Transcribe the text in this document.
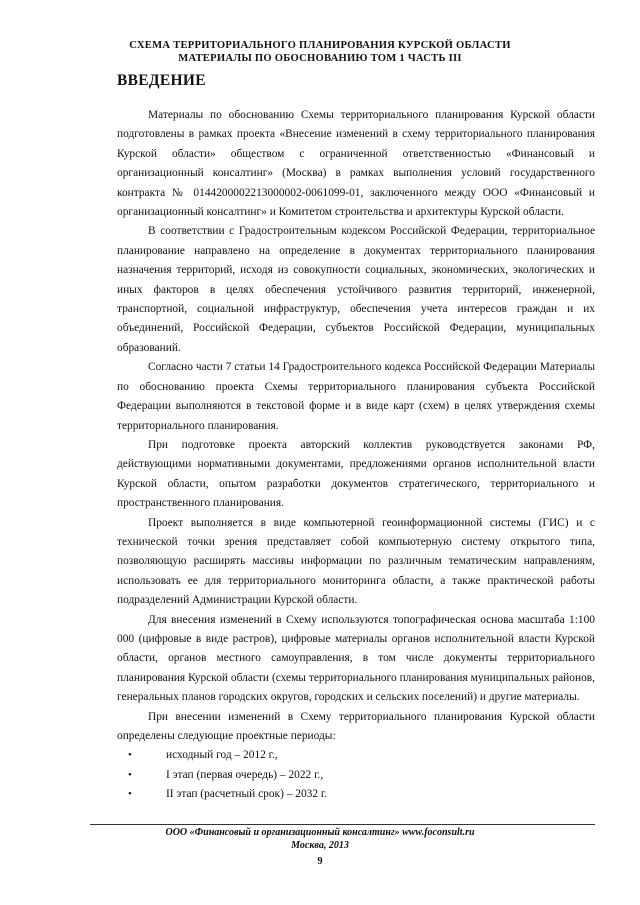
СХЕМА ТЕРРИТОРИАЛЬНОГО ПЛАНИРОВАНИЯ КУРСКОЙ ОБЛАСТИ
МАТЕРИАЛЫ ПО ОБОСНОВАНИЮ ТОМ 1 ЧАСТЬ III
ВВЕДЕНИЕ

Материалы по обоснованию Схемы территориального планирования Курской области подготовлены в рамках проекта «Внесение изменений в схему территориального планирования Курской области» обществом с ограниченной ответственностью «Финансовый и организационный консалтинг» (Москва) в рамках выполнения условий государственного контракта № 0144200002213000002-0061099-01, заключенного между ООО «Финансовый и организационный консалтинг» и Комитетом строительства и архитектуры Курской области.

В соответствии с Градостроительным кодексом Российской Федерации, территориальное планирование направлено на определение в документах территориального планирования назначения территорий, исходя из совокупности социальных, экономических, экологических и иных факторов в целях обеспечения устойчивого развития территорий, инженерной, транспортной, социальной инфраструктур, обеспечения учета интересов граждан и их объединений, Российской Федерации, субъектов Российской Федерации, муниципальных образований.

Согласно части 7 статьи 14 Градостроительного кодекса Российской Федерации Материалы по обоснованию проекта Схемы территориального планирования субъекта Российской Федерации выполняются в текстовой форме и в виде карт (схем) в целях утверждения схемы территориального планирования.

При подготовке проекта авторский коллектив руководствуется законами РФ, действующими нормативными документами, предложениями органов исполнительной власти Курской области, опытом разработки документов стратегического, территориального и пространственного планирования.

Проект выполняется в виде компьютерной геоинформационной системы (ГИС) и с технической точки зрения представляет собой компьютерную систему открытого типа, позволяющую расширять массивы информации по различным тематическим направлениям, использовать ее для территориального мониторинга области, а также практической работы подразделений Администрации Курской области.

Для внесения изменений в Схему используются топографическая основа масштаба 1:100 000 (цифровые в виде растров), цифровые материалы органов исполнительной власти Курской области, органов местного самоуправления, в том числе документы территориального планирования Курской области (схемы территориального планирования муниципальных районов, генеральных планов городских округов, городских и сельских поселений) и другие материалы.

При внесении изменений в Схему территориального планирования Курской области определены следующие проектные периоды:

•	исходный год – 2012 г.,
•	I этап (первая очередь) – 2022 г.,
•	II этап (расчетный срок) – 2032 г.
ООО «Финансовый и организационный консалтинг» www.foconsult.ru
Москва, 2013
9
